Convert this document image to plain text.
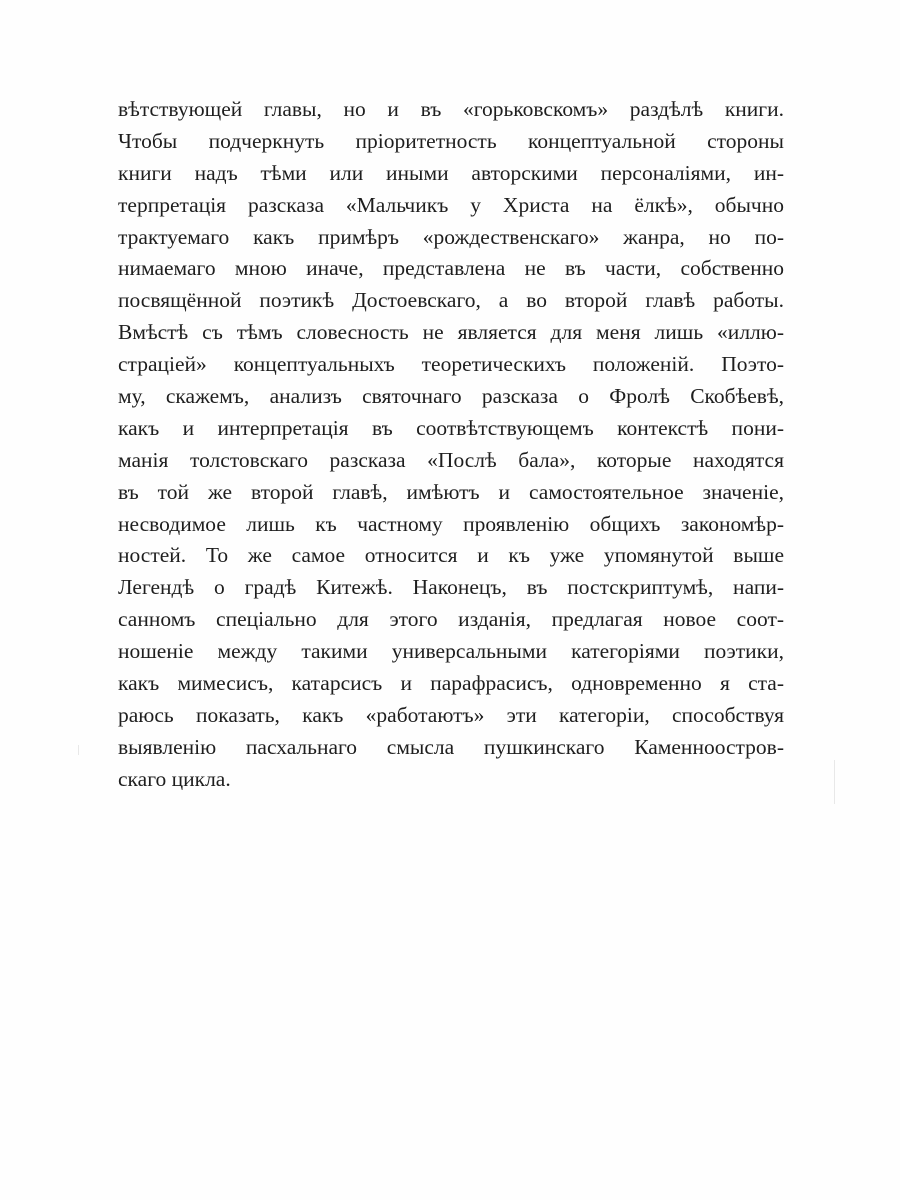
вѣтствующей главы, но и въ «горьковскомъ» раздѣлѣ книги.
Чтобы подчеркнуть пріоритетность концептуальной стороны
книги надъ тѣми или иными авторскими персоналіями, ин-
терпретація разсказа «Мальчикъ у Христа на ёлкѣ», обычно
трактуемаго какъ примѣръ «рождественскаго» жанра, но по-
нимаемаго мною иначе, представлена не въ части, собственно
посвящённой поэтикѣ Достоевскаго, а во второй главѣ работы.
Вмѣстѣ съ тѣмъ словесность не является для меня лишь «иллю-
страціей» концептуальныхъ теоретическихъ положеній. Поэто-
му, скажемъ, анализъ святочнаго разсказа о Фролѣ Скобѣевѣ,
какъ и интерпретація въ соотвѣтствующемъ контекстѣ пони-
манія толстовскаго разсказа «Послѣ бала», которые находятся
въ той же второй главѣ, имѣютъ и самостоятельное значеніе,
несводимое лишь къ частному проявленію общихъ закономѣр-
ностей. То же самое относится и къ уже упомянутой выше
Легендѣ о градѣ Китежѣ. Наконецъ, въ постскриптумѣ, напи-
санномъ спеціально для этого изданія, предлагая новое соот-
ношеніе между такими универсальными категоріями поэтики,
какъ мимесисъ, катарсисъ и парафрасисъ, одновременно я ста-
раюсь показать, какъ «работаютъ» эти категоріи, способствуя
выявленію пасхальнаго смысла пушкинскаго Каменноостров-
скаго цикла.
